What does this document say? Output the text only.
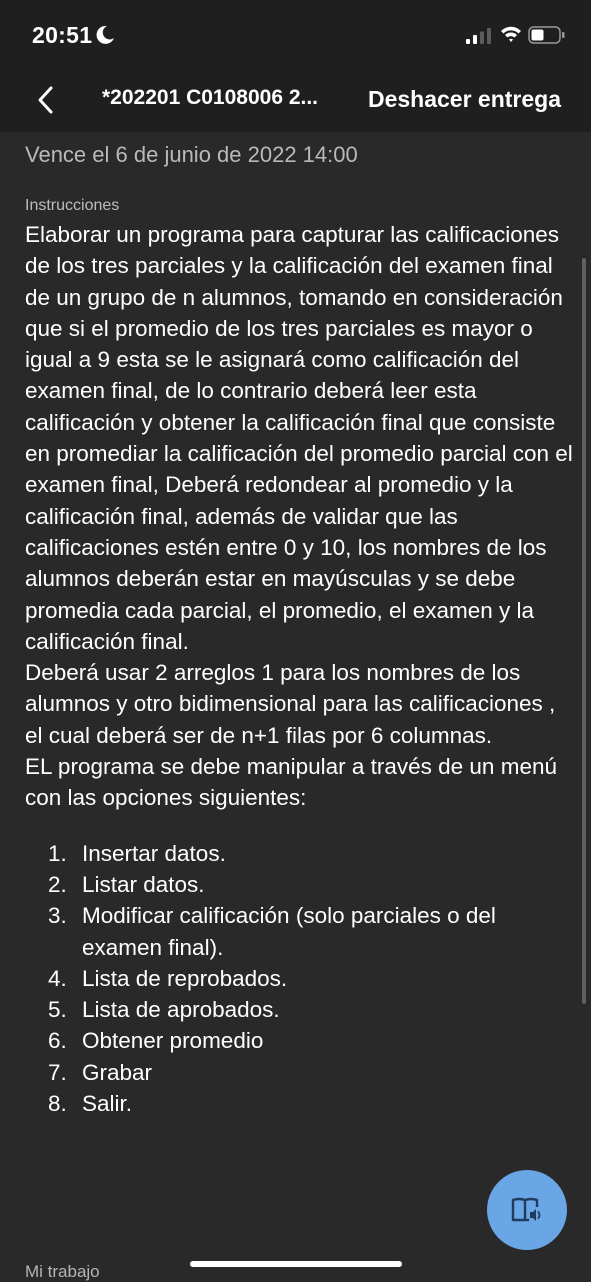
20:51
*202201 C0108006 2...	Deshacer entrega
Vence el 6 de junio de 2022 14:00
Instrucciones

Elaborar un programa para capturar las calificaciones de los tres parciales y la calificación del examen final de un grupo de n alumnos, tomando en consideración que si el promedio de los tres parciales es mayor o igual a 9 esta se le asignará como calificación del examen final, de lo contrario deberá leer esta calificación y obtener la calificación final que consiste en promediar la calificación del promedio parcial con el examen final, Deberá redondear al promedio y la calificación final, además de validar que las calificaciones estén entre 0 y 10, los nombres de los alumnos deberán estar en mayúsculas y se debe promedia cada parcial, el promedio, el examen y la calificación final.

Deberá usar 2 arreglos 1 para los nombres de los alumnos y otro bidimensional para las calificaciones , el cual deberá ser de n+1 filas por 6 columnas.

EL programa se debe manipular a través de un menú con las opciones siguientes:

1. Insertar datos.
2. Listar datos.
3. Modificar calificación (solo parciales o del examen final).
4. Lista de reprobados.
5. Lista de aprobados.
6. Obtener promedio
7. Grabar
8. Salir.
Mi trabajo
